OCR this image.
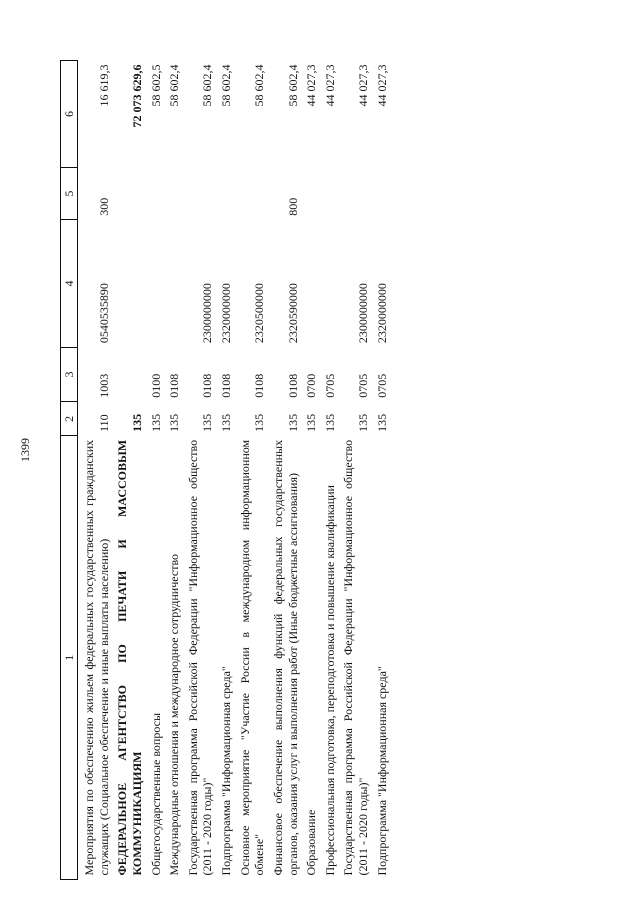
1399
1	2	3	4	5	6
Мероприятия по обеспечению жильем федеральных государственных гражданских служащих (Социальное обеспечение и иные выплаты населению)	110	1003	0540535890	300	16 619,3
ФЕДЕРАЛЬНОЕ АГЕНТСТВО ПО ПЕЧАТИ И МАССОВЫМ КОММУНИКАЦИЯМ	135				72 073 629,6
Общегосударственные вопросы	135	0100			58 602,5
Международные отношения и международное сотрудничество	135	0108			58 602,4
Государственная программа Российской Федерации "Информационное общество (2011 - 2020 годы)"	135	0108	2300000000		58 602,4
Подпрограмма "Информационная среда"	135	0108	2320000000		58 602,4
Основное мероприятие "Участие России в международном информационном обмене"	135	0108	2320500000		58 602,4
Финансовое обеспечение выполнения функций федеральных государственных органов, оказания услуг и выполнения работ (Иные бюджетные ассигнования)	135	0108	2320590000	800	58 602,4
Образование	135	0700			44 027,3
Профессиональная подготовка, переподготовка и повышение квалификации	135	0705			44 027,3
Государственная программа Российской Федерации "Информационное общество (2011 - 2020 годы)"	135	0705	2300000000		44 027,3
Подпрограмма "Информационная среда"	135	0705	2320000000		44 027,3
